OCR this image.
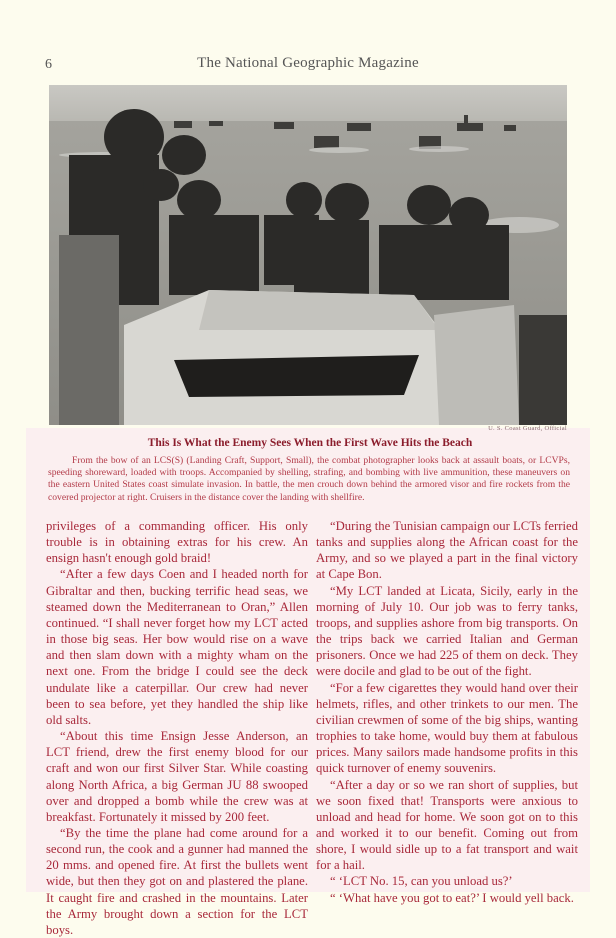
6	The National Geographic Magazine
U. S. Coast Guard, Official
This Is What the Enemy Sees When the First Wave Hits the Beach
From the bow of an LCS(S) (Landing Craft, Support, Small), the combat photographer looks back at assault boats, or LCVPs, speeding shoreward, loaded with troops. Accompanied by shelling, strafing, and bombing with live ammunition, these maneuvers on the eastern United States coast simulate invasion. In battle, the men crouch down behind the armored visor and fire rockets from the covered projector at right. Cruisers in the distance cover the landing with shellfire.

privileges of a commanding officer. His only trouble is in obtaining extras for his crew. An ensign hasn't enough gold braid!

“After a few days Coen and I headed north for Gibraltar and then, bucking terrific head seas, we steamed down the Mediterranean to Oran,” Allen continued. “I shall never forget how my LCT acted in those big seas. Her bow would rise on a wave and then slam down with a mighty wham on the next one. From the bridge I could see the deck undulate like a caterpillar. Our crew had never been to sea before, yet they handled the ship like old salts.

“About this time Ensign Jesse Anderson, an LCT friend, drew the first enemy blood for our craft and won our first Silver Star. While coasting along North Africa, a big German JU 88 swooped over and dropped a bomb while the crew was at breakfast. Fortunately it missed by 200 feet.

“By the time the plane had come around for a second run, the cook and a gunner had manned the 20 mms. and opened fire. At first the bullets went wide, but then they got on and plastered the plane. It caught fire and crashed in the mountains. Later the Army brought down a section for the LCT boys.

“During the Tunisian campaign our LCTs ferried tanks and supplies along the African coast for the Army, and so we played a part in the final victory at Cape Bon.

“My LCT landed at Licata, Sicily, early in the morning of July 10. Our job was to ferry tanks, troops, and supplies ashore from big transports. On the trips back we carried Italian and German prisoners. Once we had 225 of them on deck. They were docile and glad to be out of the fight.

“For a few cigarettes they would hand over their helmets, rifles, and other trinkets to our men. The civilian crewmen of some of the big ships, wanting trophies to take home, would buy them at fabulous prices. Many sailors made handsome profits in this quick turnover of enemy souvenirs.

“After a day or so we ran short of supplies, but we soon fixed that! Transports were anxious to unload and head for home. We soon got on to this and worked it to our benefit. Coming out from shore, I would sidle up to a fat transport and wait for a hail.

“ ‘LCT No. 15, can you unload us?’

“ ‘What have you got to eat?’ I would yell back.
